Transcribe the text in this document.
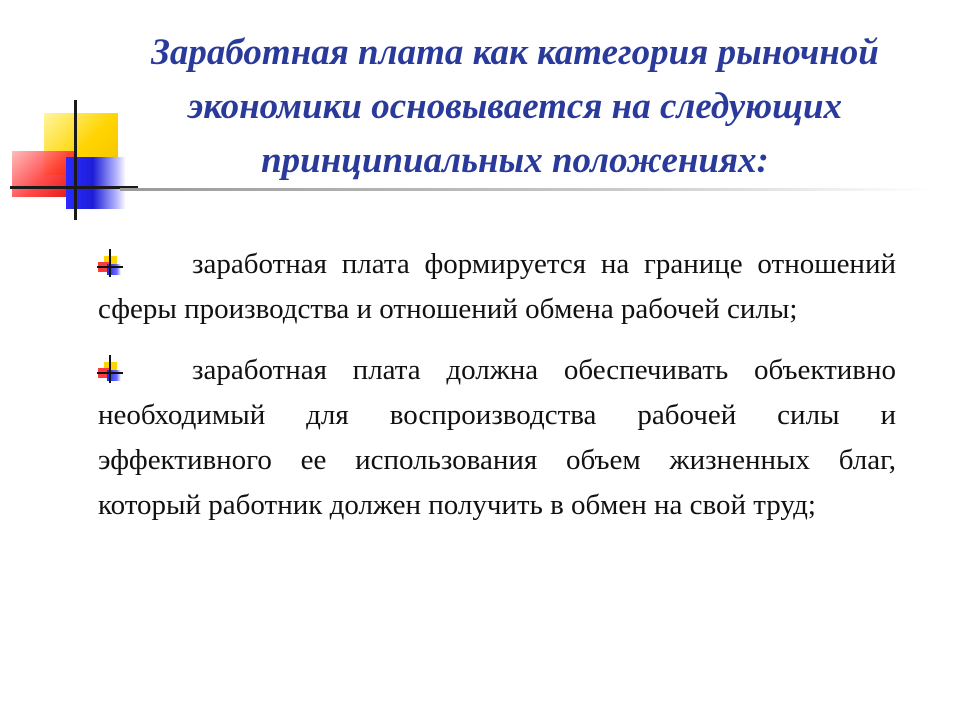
Заработная плата как категория рыночной экономики основывается на следующих принципиальных положениях:
заработная плата формируется на границе отношений сферы производства и отношений обмена рабочей силы;
заработная плата должна обеспечивать объективно необходимый для воспроизводства рабочей силы и эффективного ее использования объем жизненных благ, который работник должен получить в обмен на свой труд;
